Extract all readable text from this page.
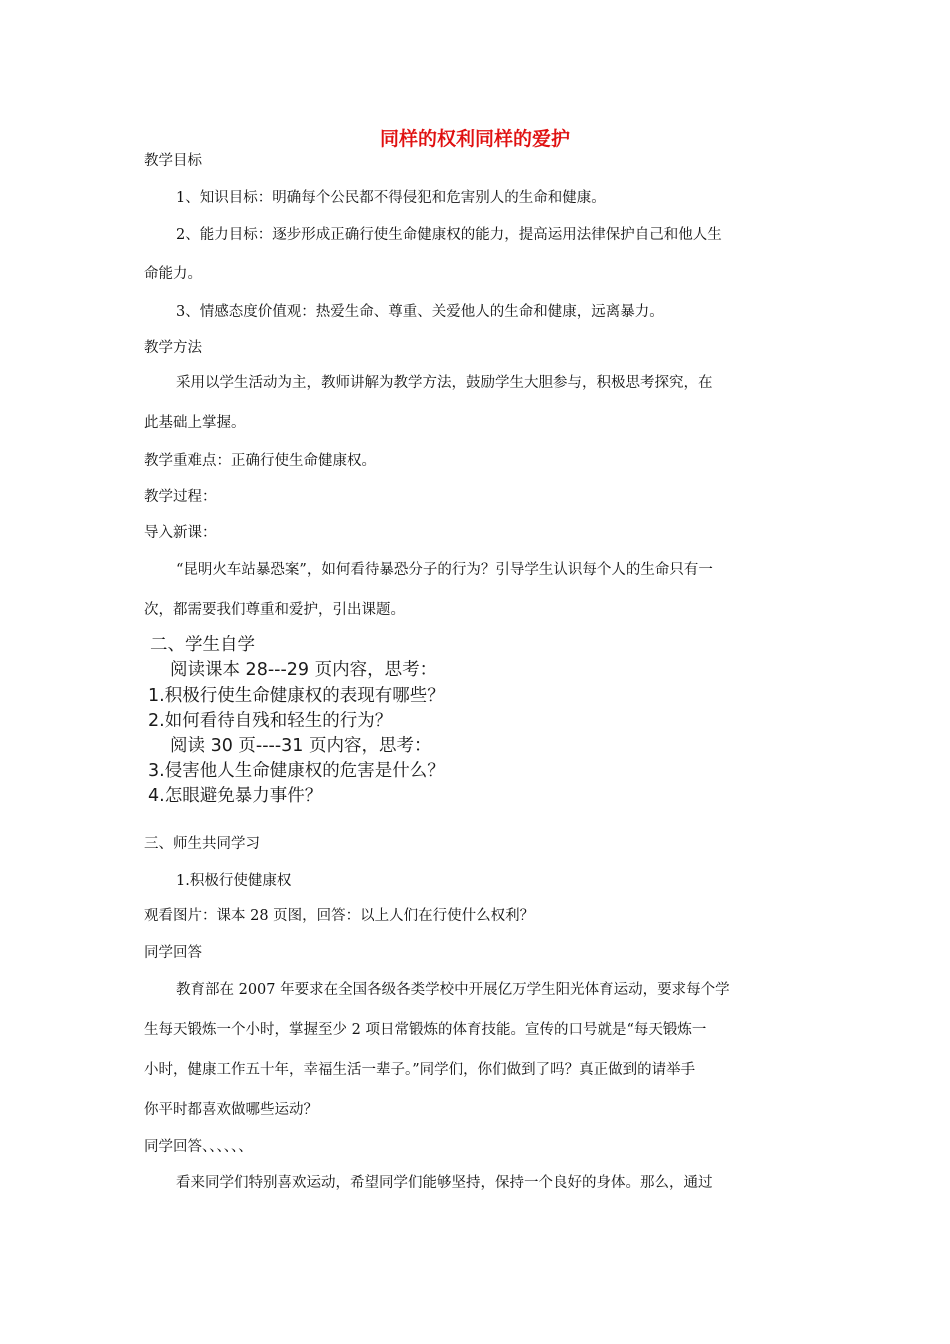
同样的权利同样的爱护
教学目标
1、知识目标：明确每个公民都不得侵犯和危害别人的生命和健康。
2、能力目标：逐步形成正确行使生命健康权的能力，提高运用法律保护自己和他人生
命能力。
3、情感态度价值观：热爱生命、尊重、关爱他人的生命和健康，远离暴力。
教学方法
采用以学生活动为主，教师讲解为教学方法，鼓励学生大胆参与，积极思考探究，在
此基础上掌握。
教学重难点：正确行使生命健康权。
教学过程：
导入新课：
“昆明火车站暴恐案”，如何看待暴恐分子的行为？引导学生认识每个人的生命只有一
次，都需要我们尊重和爱护，引出课题。
二、学生自学
阅读课本 28---29 页内容，思考：
1.积极行使生命健康权的表现有哪些？
2.如何看待自残和轻生的行为？
阅读 30 页----31 页内容，思考：
3.侵害他人生命健康权的危害是什么？
4.怎眼避免暴力事件？
三、师生共同学习
1.积极行使健康权
观看图片：课本 28 页图，回答：以上人们在行使什么权利？
同学回答
教育部在 2007 年要求在全国各级各类学校中开展亿万学生阳光体育运动，要求每个学
生每天锻炼一个小时，掌握至少 2 项日常锻炼的体育技能。宣传的口号就是“每天锻炼一
小时，健康工作五十年，幸福生活一辈子。”同学们，你们做到了吗？真正做到的请举手
你平时都喜欢做哪些运动？
同学回答、、、、、、
看来同学们特别喜欢运动，希望同学们能够坚持，保持一个良好的身体。那么，通过
